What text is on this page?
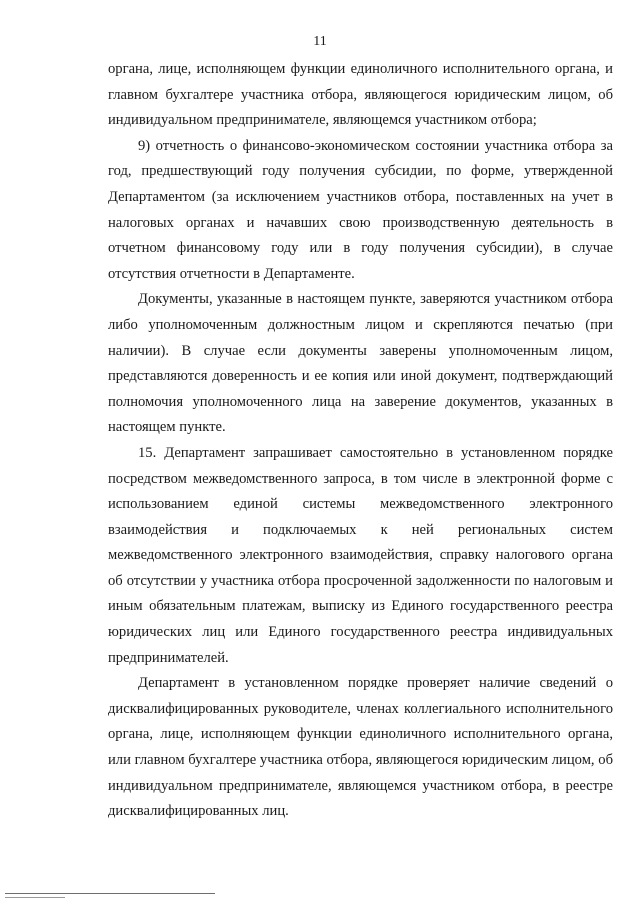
11

органа, лице, исполняющем функции единоличного исполнительного органа, и главном бухгалтере участника отбора, являющегося юридическим лицом, об индивидуальном предпринимателе, являющемся участником отбора;

9) отчетность о финансово-экономическом состоянии участника отбора за год, предшествующий году получения субсидии, по форме, утвержденной Департаментом (за исключением участников отбора, поставленных на учет в налоговых органах и начавших свою производственную деятельность в отчетном финансовому году или в году получения субсидии), в случае отсутствия отчетности в Департаменте.

Документы, указанные в настоящем пункте, заверяются участником отбора либо уполномоченным должностным лицом и скрепляются печатью (при наличии). В случае если документы заверены уполномоченным лицом, представляются доверенность и ее копия или иной документ, подтверждающий полномочия уполномоченного лица на заверение документов, указанных в настоящем пункте.

15. Департамент запрашивает самостоятельно в установленном порядке посредством межведомственного запроса, в том числе в электронной форме с использованием единой системы межведомственного электронного взаимодействия и подключаемых к ней региональных систем межведомственного электронного взаимодействия, справку налогового органа об отсутствии у участника отбора просроченной задолженности по налоговым и иным обязательным платежам, выписку из Единого государственного реестра юридических лиц или Единого государственного реестра индивидуальных предпринимателей.

Департамент в установленном порядке проверяет наличие сведений о дисквалифицированных руководителе, членах коллегиального исполнительного органа, лице, исполняющем функции единоличного исполнительного органа, или главном бухгалтере участника отбора, являющегося юридическим лицом, об индивидуальном предпринимателе, являющемся участником отбора, в реестре дисквалифицированных лиц.
